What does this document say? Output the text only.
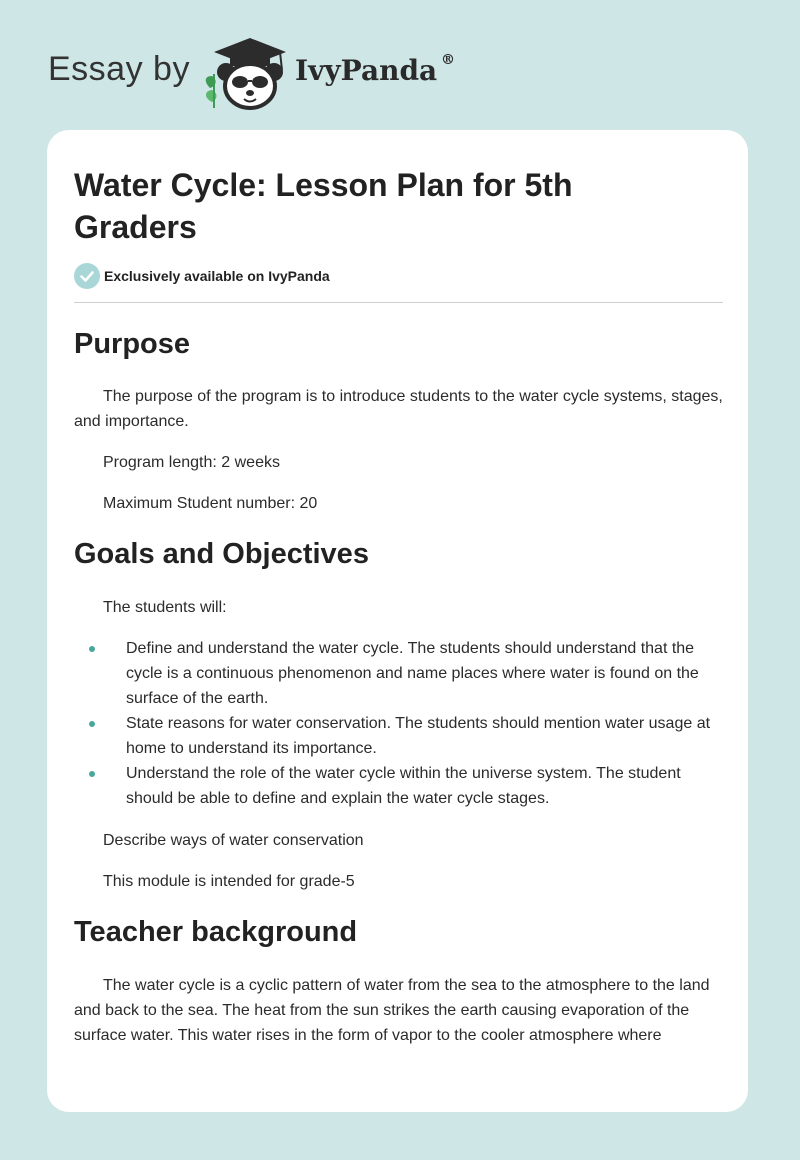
Essay by	IvyPanda ®
Water Cycle: Lesson Plan for 5th Graders
Exclusively available on IvyPanda
Purpose

The purpose of the program is to introduce students to the water cycle systems, stages, and importance.

Program length: 2 weeks

Maximum Student number: 20

Goals and Objectives

The students will:

Define and understand the water cycle. The students should understand that the cycle is a continuous phenomenon and name places where water is found on the surface of the earth.
State reasons for water conservation. The students should mention water usage at home to understand its importance.
Understand the role of the water cycle within the universe system. The student should be able to define and explain the water cycle stages.

Describe ways of water conservation

This module is intended for grade-5

Teacher background

The water cycle is a cyclic pattern of water from the sea to the atmosphere to the land and back to the sea. The heat from the sun strikes the earth causing evaporation of the surface water. This water rises in the form of vapor to the cooler atmosphere where
